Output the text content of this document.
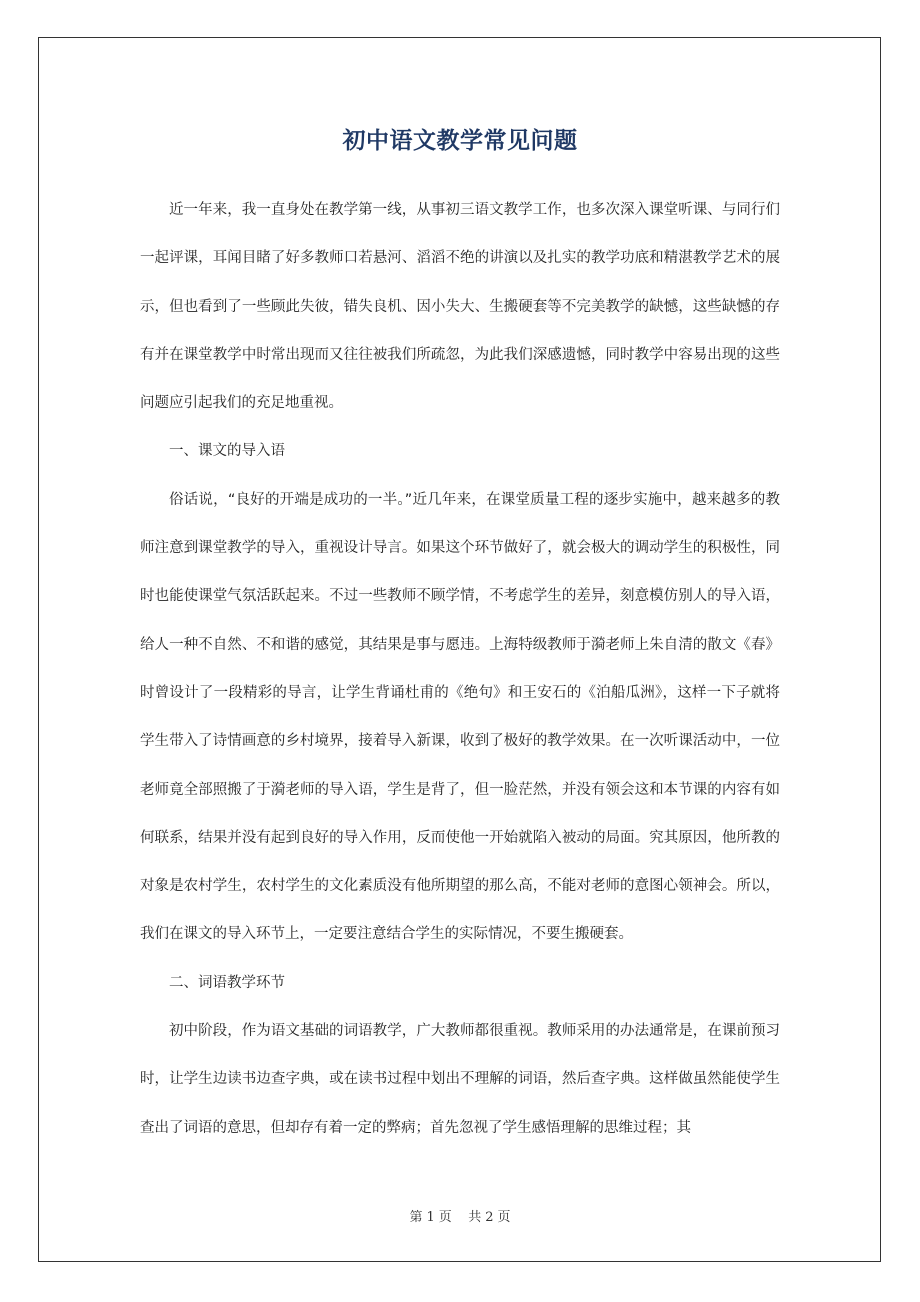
初中语文教学常见问题

近一年来，我一直身处在教学第一线，从事初三语文教学工作，也多次深入课堂听课、与同行们一起评课，耳闻目睹了好多教师口若悬河、滔滔不绝的讲演以及扎实的教学功底和精湛教学艺术的展示，但也看到了一些顾此失彼，错失良机、因小失大、生搬硬套等不完美教学的缺憾，这些缺憾的存有并在课堂教学中时常出现而又往往被我们所疏忽，为此我们深感遗憾，同时教学中容易出现的这些问题应引起我们的充足地重视。

一、课文的导入语

俗话说，“良好的开端是成功的一半。”近几年来，在课堂质量工程的逐步实施中，越来越多的教师注意到课堂教学的导入，重视设计导言。如果这个环节做好了，就会极大的调动学生的积极性，同时也能使课堂气氛活跃起来。不过一些教师不顾学情，不考虑学生的差异，刻意模仿别人的导入语，给人一种不自然、不和谐的感觉，其结果是事与愿违。上海特级教师于漪老师上朱自清的散文《春》时曾设计了一段精彩的导言，让学生背诵杜甫的《绝句》和王安石的《泊船瓜洲》，这样一下子就将学生带入了诗情画意的乡村境界，接着导入新课，收到了极好的教学效果。在一次听课活动中，一位老师竟全部照搬了于漪老师的导入语，学生是背了，但一脸茫然，并没有领会这和本节课的内容有如何联系，结果并没有起到良好的导入作用，反而使他一开始就陷入被动的局面。究其原因，他所教的对象是农村学生，农村学生的文化素质没有他所期望的那么高，不能对老师的意图心领神会。所以，我们在课文的导入环节上，一定要注意结合学生的实际情况，不要生搬硬套。

二、词语教学环节

初中阶段，作为语文基础的词语教学，广大教师都很重视。教师采用的办法通常是，在课前预习时，让学生边读书边查字典，或在读书过程中划出不理解的词语，然后查字典。这样做虽然能使学生查出了词语的意思，但却存有着一定的弊病；首先忽视了学生感悟理解的思维过程；其

第 1 页 共 2 页
